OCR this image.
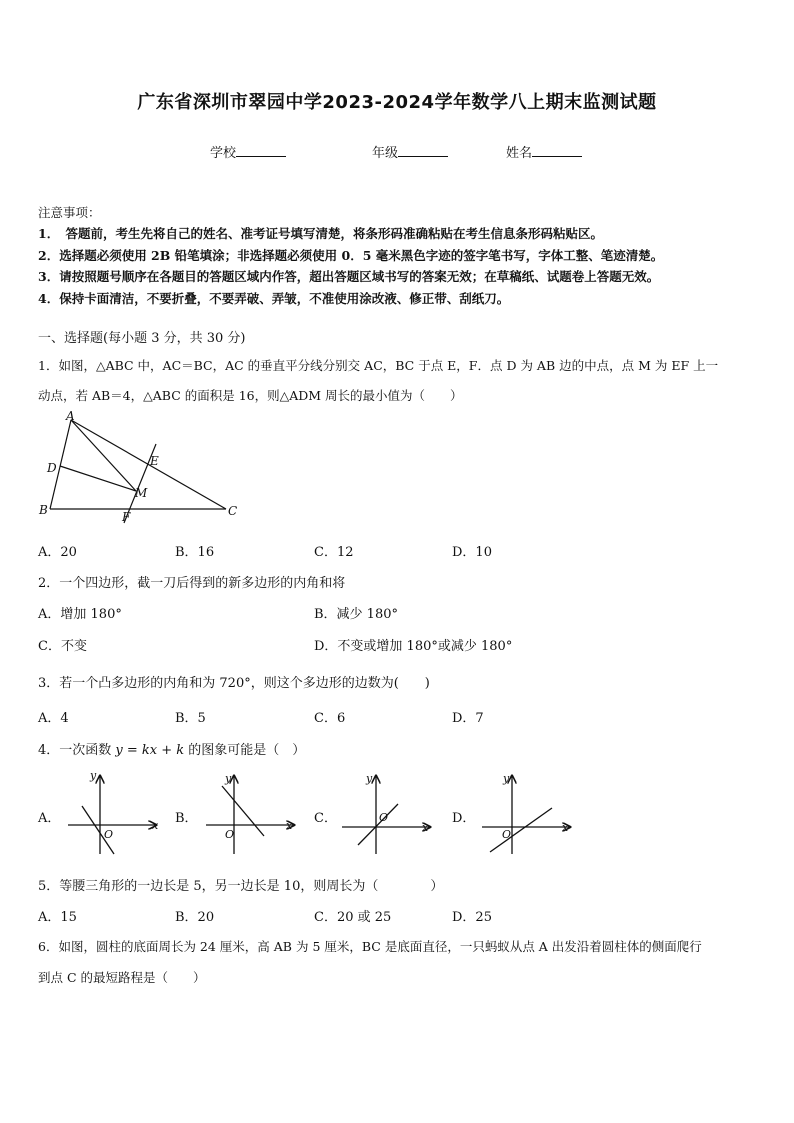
广东省深圳市翠园中学2023-2024学年数学八上期末监测试题
学校	年级	姓名
注意事项：
1．　答题前，考生先将自己的姓名、准考证号填写清楚，将条形码准确粘贴在考生信息条形码粘贴区。
2．选择题必须使用 2B 铅笔填涂；非选择题必须使用 0．5 毫米黑色字迹的签字笔书写，字体工整、笔迹清楚。
3．请按照题号顺序在各题目的答题区域内作答，超出答题区域书写的答案无效；在草稿纸、试题卷上答题无效。
4．保持卡面清洁，不要折叠，不要弄破、弄皱，不准使用涂改液、修正带、刮纸刀。
一、选择题(每小题 3 分，共 30 分)
1．如图，△ABC 中，AC＝BC，AC 的垂直平分线分别交 AC，BC 于点 E，F．点 D 为 AB 边的中点，点 M 为 EF 上一
动点，若 AB＝4，△ABC 的面积是 16，则△ADM 周长的最小值为（　　）
A
D
B
E
M
F	C
A．20	B．16	C．12	D．10
2．一个四边形，截一刀后得到的新多边形的内角和将
A．增加 180°	B．减少 180°
C．不变	D．不变或增加 180°或减少 180°
3．若一个凸多边形的内角和为 720°，则这个多边形的边数为(　　)
A．4	B．5	C．6	D．7
4．一次函数 y = kx + k 的图象可能是（　）
A．	B．	C．	D．
y
x
O
y
x
O
y
x
O
y
x
O
5．等腰三角形的一边长是 5，另一边长是 10，则周长为（　　　　）
A．15	B．20	C．20 或 25	D．25
6．如图，圆柱的底面周长为 24 厘米，高 AB 为 5 厘米，BC 是底面直径，一只蚂蚁从点 A 出发沿着圆柱体的侧面爬行
到点 C 的最短路程是（　　）
